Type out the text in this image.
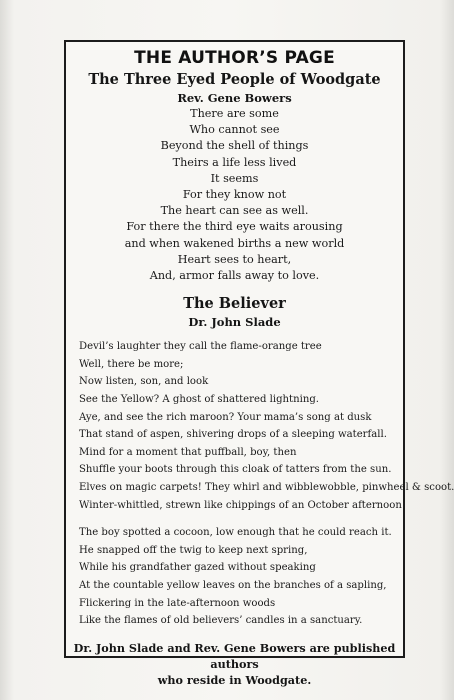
THE AUTHOR’S PAGE
The Three Eyed People of Woodgate
Rev. Gene Bowers
There are some
Who cannot see
Beyond the shell of things
Theirs a life less lived
It seems
For they know not
The heart can see as well.
For there the third eye waits arousing
and when wakened births a new world
Heart sees to heart,
And, armor falls away to love.
The Believer
Dr. John Slade
Devil’s laughter they call the flame-orange tree
Well, there be more;
Now listen, son, and look
See the Yellow? A ghost of shattered lightning.
Aye, and see the rich maroon? Your mama’s song at dusk
That stand of aspen, shivering drops of a sleeping waterfall.
Mind for a moment that puffball, boy, then
Shuffle your boots through this cloak of tatters from the sun.
Elves on magic carpets! They whirl and wibblewobble, pinwheel & scoot.
Winter-whittled, strewn like chippings of an October afternoon
The boy spotted a cocoon, low enough that he could reach it.
He snapped off the twig to keep next spring,
While his grandfather gazed without speaking
At the countable yellow leaves on the branches of a sapling,
Flickering in the late-afternoon woods
Like the flames of old believers’ candles in a sanctuary.
Dr. John Slade and Rev. Gene Bowers are published authors
who reside in Woodgate.
